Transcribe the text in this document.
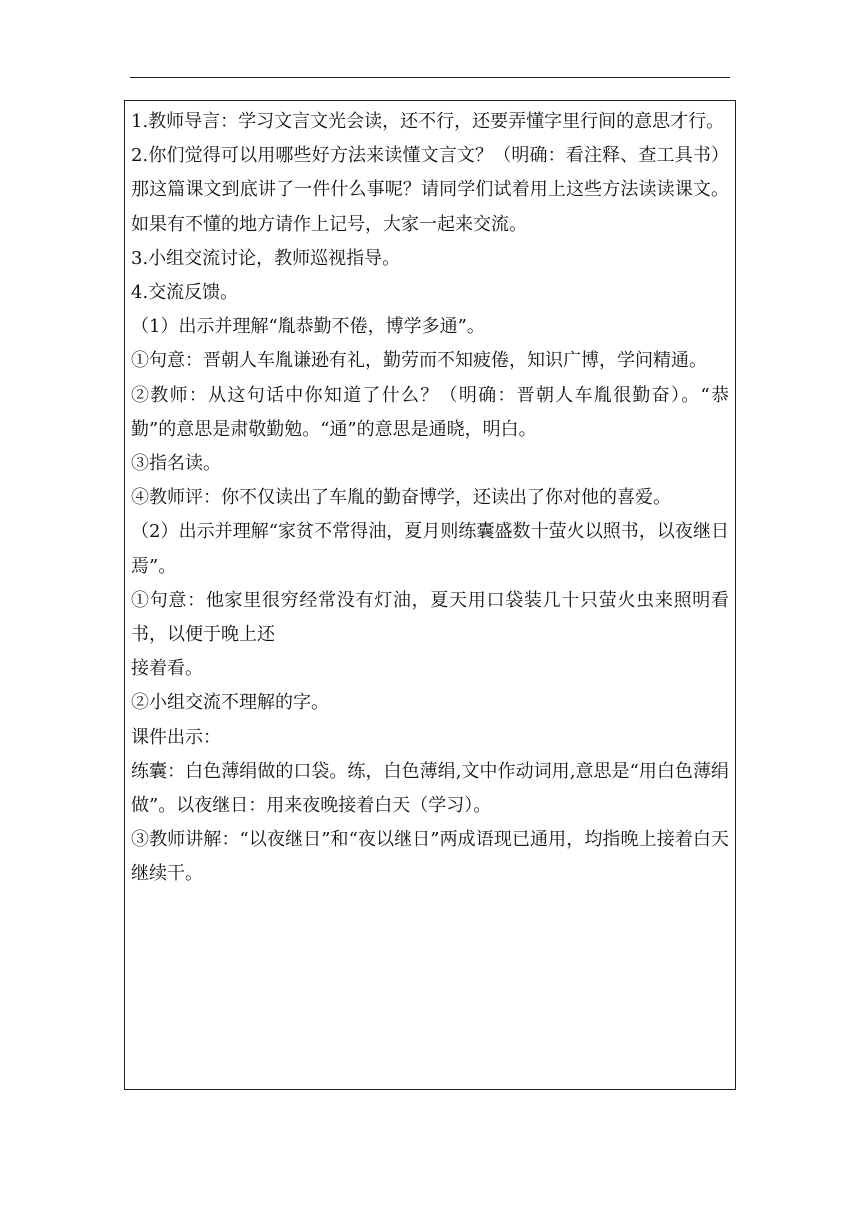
1.教师导言：学习文言文光会读，还不行，还要弄懂字里行间的意思才行。

2.你们觉得可以用哪些好方法来读懂文言文？（明确：看注释、查工具书）那这篇课文到底讲了一件什么事呢？请同学们试着用上这些方法读读课文。如果有不懂的地方请作上记号，大家一起来交流。

3.小组交流讨论，教师巡视指导。

4.交流反馈。

（1）出示并理解“胤恭勤不倦，博学多通”。

①句意：晋朝人车胤谦逊有礼，勤劳而不知疲倦，知识广博，学问精通。

②教师：从这句话中你知道了什么？（明确：晋朝人车胤很勤奋）。“恭勤”的意思是肃敬勤勉。“通”的意思是通晓，明白。

③指名读。

④教师评：你不仅读出了车胤的勤奋博学，还读出了你对他的喜爱。

（2）出示并理解“家贫不常得油，夏月则练囊盛数十萤火以照书，以夜继日焉”。

①句意：他家里很穷经常没有灯油，夏天用口袋装几十只萤火虫来照明看书，以便于晚上还

接着看。

②小组交流不理解的字。

课件出示：

练囊：白色薄绢做的口袋。练，白色薄绢,文中作动词用,意思是“用白色薄绢做”。以夜继日：用来夜晚接着白天（学习）。

③教师讲解：“以夜继日”和“夜以继日”两成语现已通用，均指晚上接着白天继续干。
